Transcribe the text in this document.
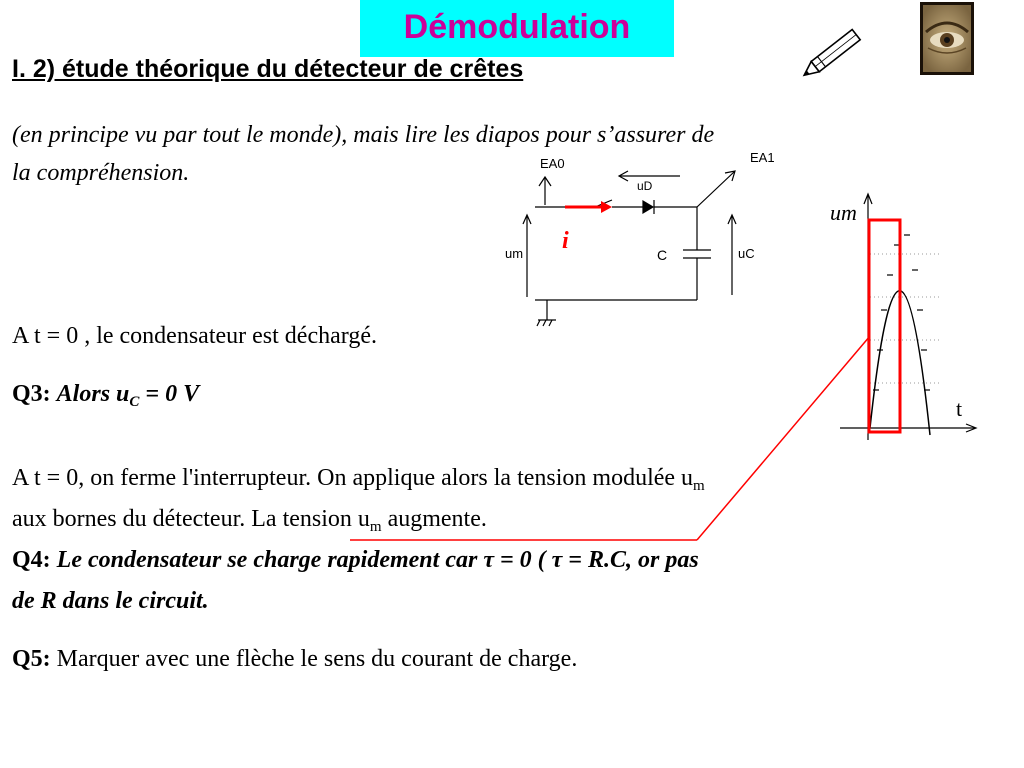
Démodulation
I. 2) étude théorique du détecteur de crêtes
(en principe vu par tout le monde), mais lire les diapos pour s’assurer de
la compréhension.	EA0	EA1
uD
um	C	uC
i
um
t
A t = 0 , le condensateur est déchargé.
Q3: Alors $u_C = 0$ V
A t = 0, on ferme l'interrupteur. On applique alors la tension modulée $u_m$
aux bornes du détecteur. La tension $u_m$ augmente.
Q4: Le condensateur se charge rapidement car τ = 0 ( τ = R.C, or pas
de R dans le circuit.
Q5: Marquer avec une flèche le sens du courant de charge.
